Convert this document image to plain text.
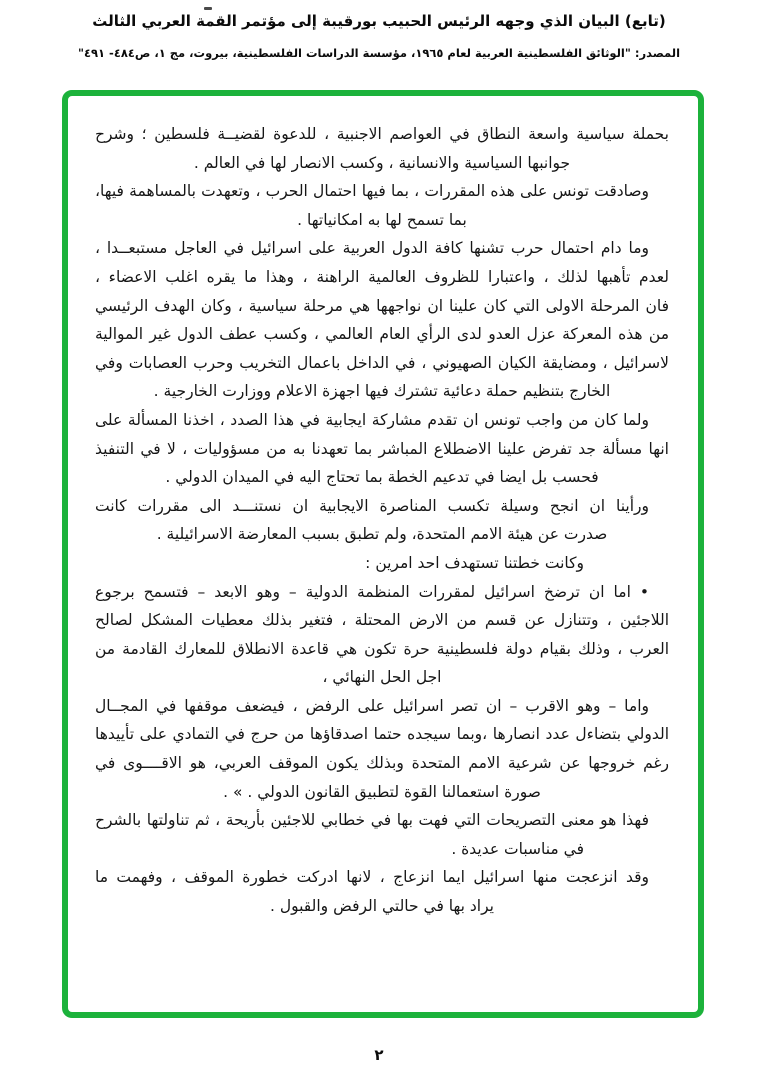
(تابع) البيان الذي وجهه الرئيس الحبيب بورقيبة إلى مؤتمر القمة العربي الثالث
المصدر: "الوثائق الفلسطينية العربية لعام ١٩٦٥، مؤسسة الدراسات الفلسطينية، بيروت، مج ١، ص٤٨٤- ٤٩١"
بحملة سياسية واسعة النطاق في العواصم الاجنبية ، للدعوة لقضيــة فلسطين ؛ وشرح
جوانبها السياسية والانسانية ، وكسب الانصار لها في العالم .
وصادقت تونس على هذه المقررات ، بما فيها احتمال الحرب ، وتعهدت بالمساهمة فيها،
بما تسمح لها به امكانياتها .
وما دام احتمال حرب تشنها كافة الدول العربية على اسرائيل في العاجل مستبعــدا ،
لعدم تأهبها لذلك ، واعتبارا للظروف العالمية الراهنة ، وهذا ما يقره اغلب الاعضاء ،
فان المرحلة الاولى التي كان علينا ان نواجهها هي مرحلة سياسية ، وكان الهدف الرئيسي
من هذه المعركة عزل العدو لدى الرأي العام العالمي ، وكسب عطف الدول غير الموالية
لاسرائيل ، ومضايقة الكيان الصهيوني ، في الداخل باعمال التخريب وحرب العصابات وفي
الخارج بتنظيم حملة دعائية تشترك فيها اجهزة الاعلام ووزارت الخارجية .
ولما كان من واجب تونس ان تقدم مشاركة ايجابية في هذا الصدد ، اخذنا المسألة على
انها مسألة جد تفرض علينا الاضطلاع المباشر بما تعهدنا به من مسؤوليات ، لا في التنفيذ
فحسب بل ايضا في تدعيم الخطة بما تحتاج اليه في الميدان الدولي .
ورأينا ان انجح وسيلة تكسب المناصرة الايجابية ان نستنـــد الى مقررات كانت
صدرت عن هيئة الامم المتحدة، ولم تطبق بسبب المعارضة الاسرائيلية .
وكانت خطتنا تستهدف احد امرين :
• اما ان ترضخ اسرائيل لمقررات المنظمة الدولية – وهو الابعد – فتسمح برجوع
اللاجئين ، وتتنازل عن قسم من الارض المحتلة ، فتغير بذلك معطيات المشكل لصالح
العرب ، وذلك بقيام دولة فلسطينية حرة تكون هي قاعدة الانطلاق للمعارك القادمة من
اجل الحل النهائي ،
واما – وهو الاقرب – ان تصر اسرائيل على الرفض ، فيضعف موقفها في المجــال
الدولي بتضاءل عدد انصارها ،وبما سيجده حتما اصدقاؤها من حرج في التمادي على تأييدها
رغم خروجها عن شرعية الامم المتحدة وبذلك يكون الموقف العربي، هو الاقــــوى في
صورة استعمالنا القوة لتطبيق القانون الدولي . » .
فهذا هو معنى التصريحات التي فهت بها في خطابي للاجئين بأريحة ، ثم تناولتها بالشرح
في مناسبات عديدة .
وقد انزعجت منها اسرائيل ايما انزعاج ، لانها ادركت خطورة الموقف ، وفهمت ما
يراد بها في حالتي الرفض والقبول .
٢
